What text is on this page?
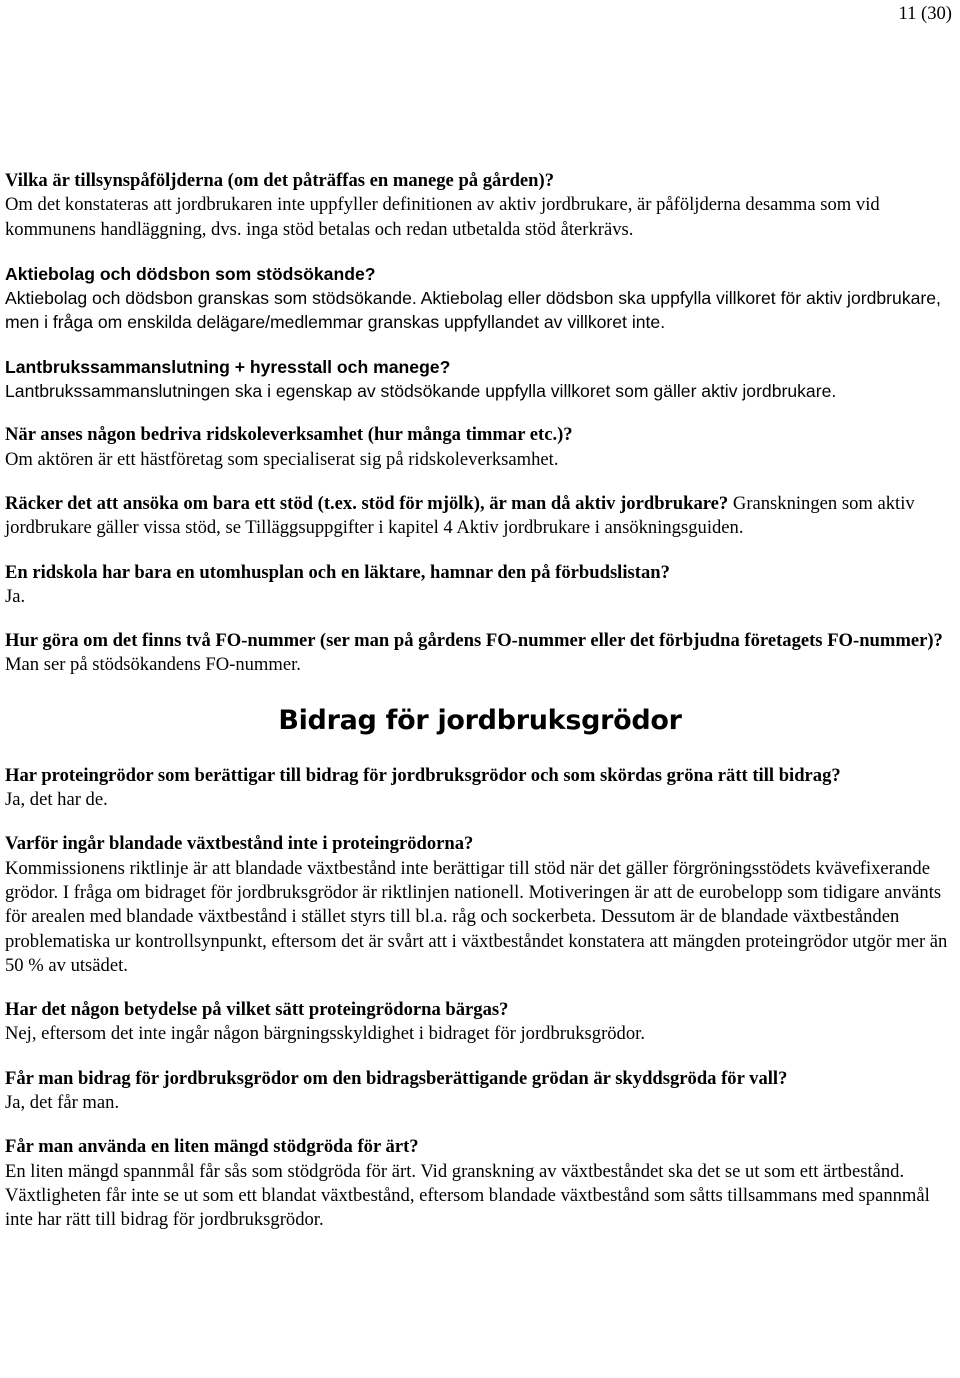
11 (30)

Vilka är tillsynspåföljderna (om det påträffas en manege på gården)?

Om det konstateras att jordbrukaren inte uppfyller definitionen av aktiv jordbrukare, är påföljderna desamma som vid kommunens handläggning, dvs. inga stöd betalas och redan utbetalda stöd återkrävs.

Aktiebolag och dödsbon som stödsökande?

Aktiebolag och dödsbon granskas som stödsökande. Aktiebolag eller dödsbon ska uppfylla villkoret för aktiv jordbrukare, men i fråga om enskilda delägare/medlemmar granskas uppfyllandet av villkoret inte.

Lantbrukssammanslutning + hyresstall och manege?

Lantbrukssammanslutningen ska i egenskap av stödsökande uppfylla villkoret som gäller aktiv jordbrukare.

När anses någon bedriva ridskoleverksamhet (hur många timmar etc.)?

Om aktören är ett hästföretag som specialiserat sig på ridskoleverksamhet.

Räcker det att ansöka om bara ett stöd (t.ex. stöd för mjölk), är man då aktiv jordbrukare? Granskningen som aktiv jordbrukare gäller vissa stöd, se Tilläggsuppgifter i kapitel 4 Aktiv jordbrukare i ansökningsguiden.

En ridskola har bara en utomhusplan och en läktare, hamnar den på förbudslistan?

Ja.

Hur göra om det finns två FO-nummer (ser man på gårdens FO-nummer eller det förbjudna företagets FO-nummer)?

Man ser på stödsökandens FO-nummer.

Bidrag för jordbruksgrödor

Har proteingrödor som berättigar till bidrag för jordbruksgrödor och som skördas gröna rätt till bidrag?

Ja, det har de.

Varför ingår blandade växtbestånd inte i proteingrödorna?

Kommissionens riktlinje är att blandade växtbestånd inte berättigar till stöd när det gäller förgröningsstödets kvävefixerande grödor. I fråga om bidraget för jordbruksgrödor är riktlinjen nationell. Motiveringen är att de eurobelopp som tidigare använts för arealen med blandade växtbestånd i stället styrs till bl.a. råg och sockerbeta. Dessutom är de blandade växtbestånden problematiska ur kontrollsynpunkt, eftersom det är svårt att i växtbeståndet konstatera att mängden proteingrödor utgör mer än 50 % av utsädet.

Har det någon betydelse på vilket sätt proteingrödorna bärgas?

Nej, eftersom det inte ingår någon bärgningsskyldighet i bidraget för jordbruksgrödor.

Får man bidrag för jordbruksgrödor om den bidragsberättigande grödan är skyddsgröda för vall?

Ja, det får man.

Får man använda en liten mängd stödgröda för ärt?

En liten mängd spannmål får sås som stödgröda för ärt. Vid granskning av växtbeståndet ska det se ut som ett ärtbestånd. Växtligheten får inte se ut som ett blandat växtbestånd, eftersom blandade växtbestånd som såtts tillsammans med spannmål inte har rätt till bidrag för jordbruksgrödor.
